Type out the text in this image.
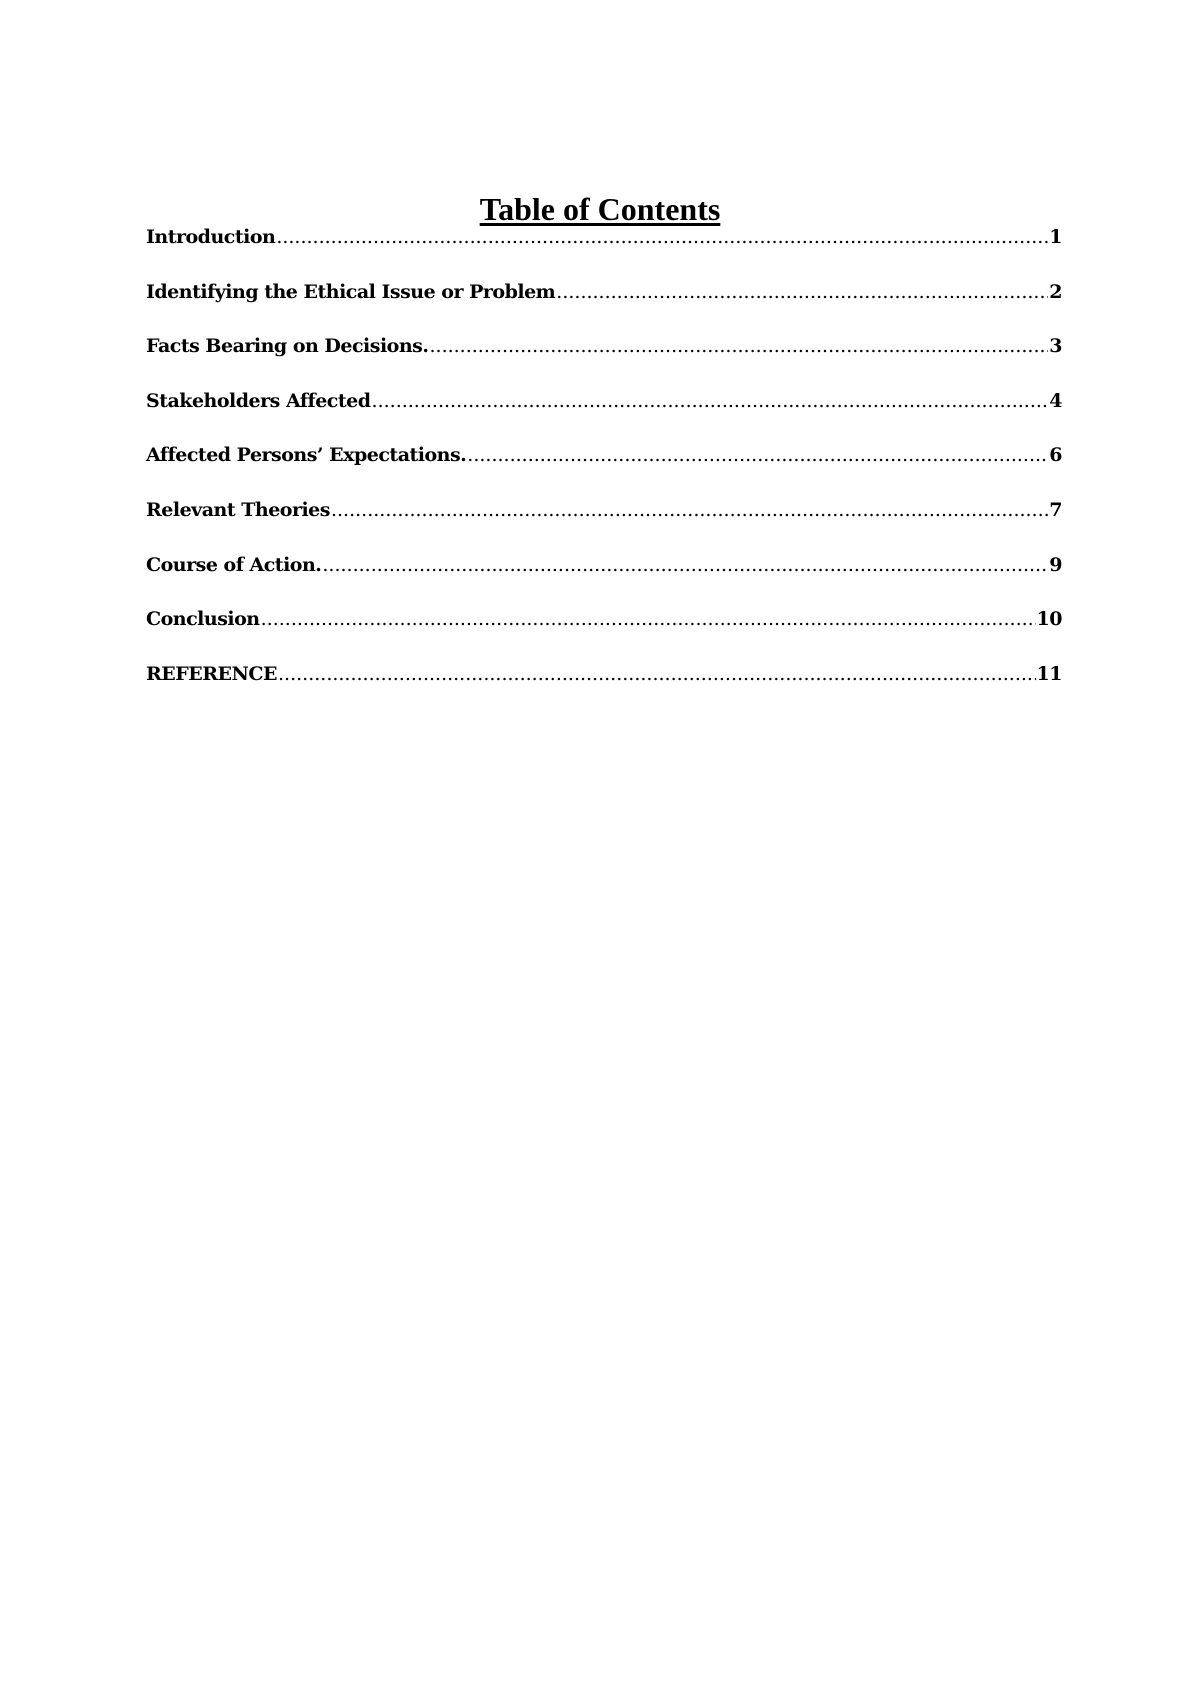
Table of Contents
Introduction .....	1
Identifying the Ethical Issue or Problem .....	2
Facts Bearing on Decisions. .....	3
Stakeholders Affected .....	4
Affected Persons’ Expectations. .....	6
Relevant Theories .....	7
Course of Action. .....	9
Conclusion .....	10
REFERENCE .....	11
